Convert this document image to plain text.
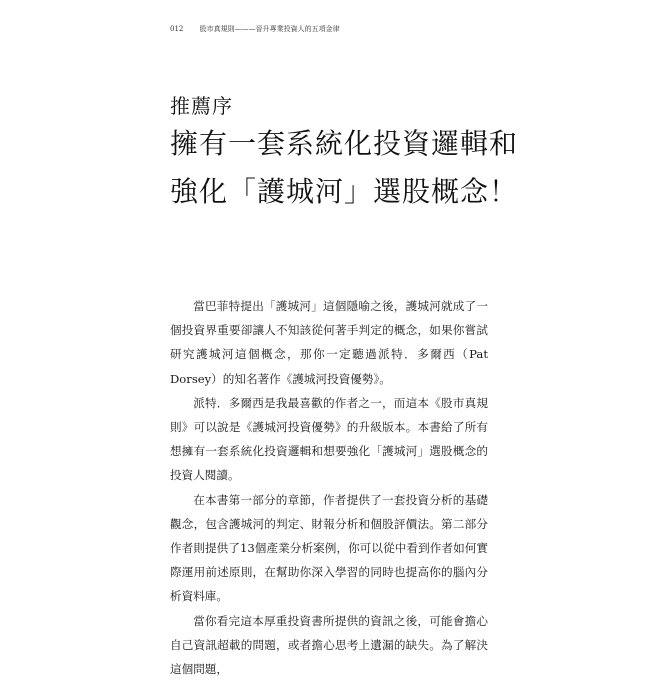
012 股市真規則———晉升專業投資人的五項金律
推薦序
擁有一套系統化投資邏輯和
強化「護城河」選股概念！

當巴菲特提出「護城河」這個隱喻之後，護城河就成了一個投資界重要卻讓人不知該從何著手判定的概念，如果你嘗試研究護城河這個概念，那你一定聽過派特．多爾西（Pat Dorsey）的知名著作《護城河投資優勢》。

派特．多爾西是我最喜歡的作者之一，而這本《股市真規則》可以說是《護城河投資優勢》的升級版本。本書給了所有想擁有一套系統化投資邏輯和想要強化「護城河」選股概念的投資人閱讀。

在本書第一部分的章節，作者提供了一套投資分析的基礎觀念，包含護城河的判定、財報分析和個股評價法。第二部分作者則提供了13個產業分析案例，你可以從中看到作者如何實際運用前述原則，在幫助你深入學習的同時也提高你的腦內分析資料庫。

當你看完這本厚重投資書所提供的資訊之後，可能會擔心自己資訊超載的問題，或者擔心思考上遺漏的缺失。為了解決這個問題，
